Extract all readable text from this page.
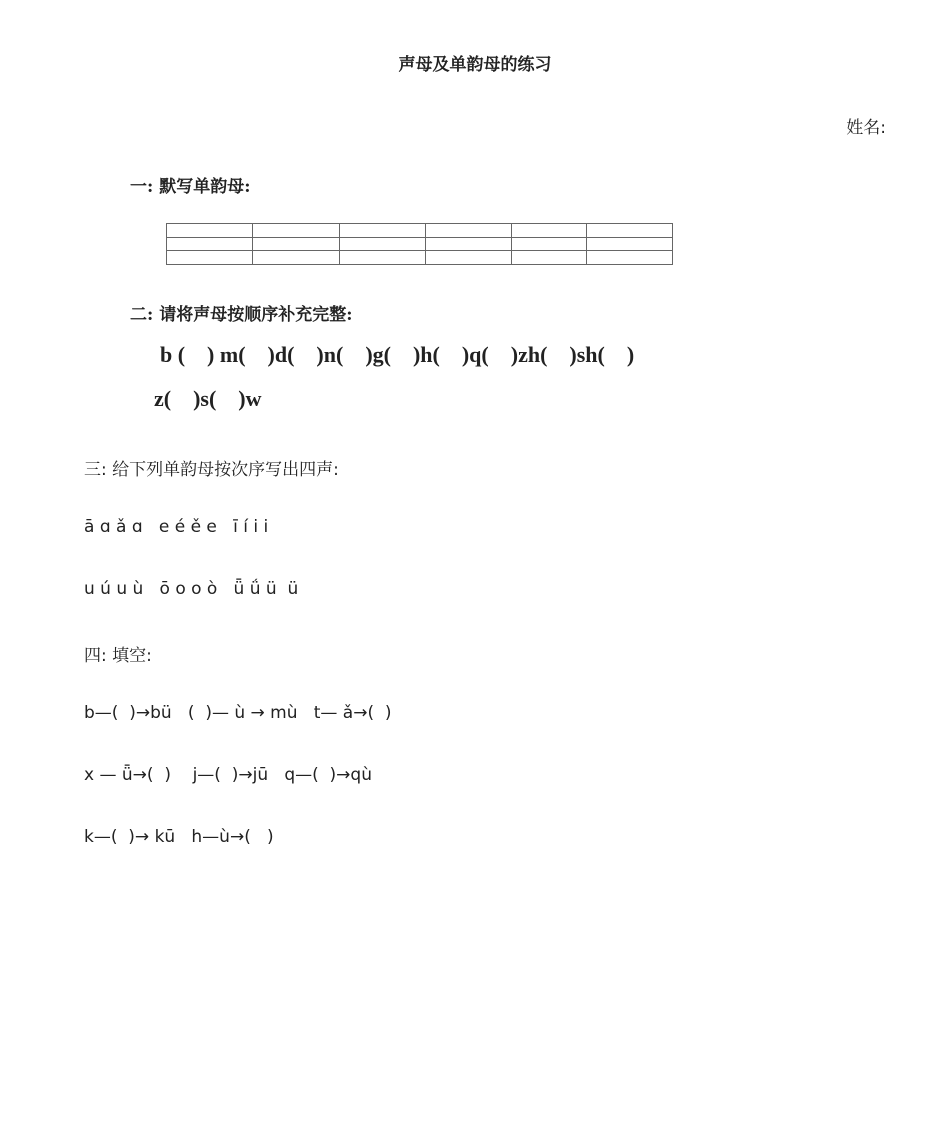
声母及单韵母的练习
姓名:
一: 默写单韵母:

二: 请将声母按顺序补充完整:
b (    ) m(    )d(    )n(    )g(    )h(    )q(    )zh(    )sh(    )
z(    )s(    )w
三: 给下列单韵母按次序写出四声:
ā ɑ ǎ ɑ   e é ě e   ī í i i
u ú u ù   ō o o ò   ǖ ǘ ü  ü
四: 填空:
b—(  )→bü   (  )— ù → mù   t— ǎ→(  )
x — ǖ→(  )    j—(  )→jū   q—(  )→qù
k—(  )→ kū   h—ù→(   )
